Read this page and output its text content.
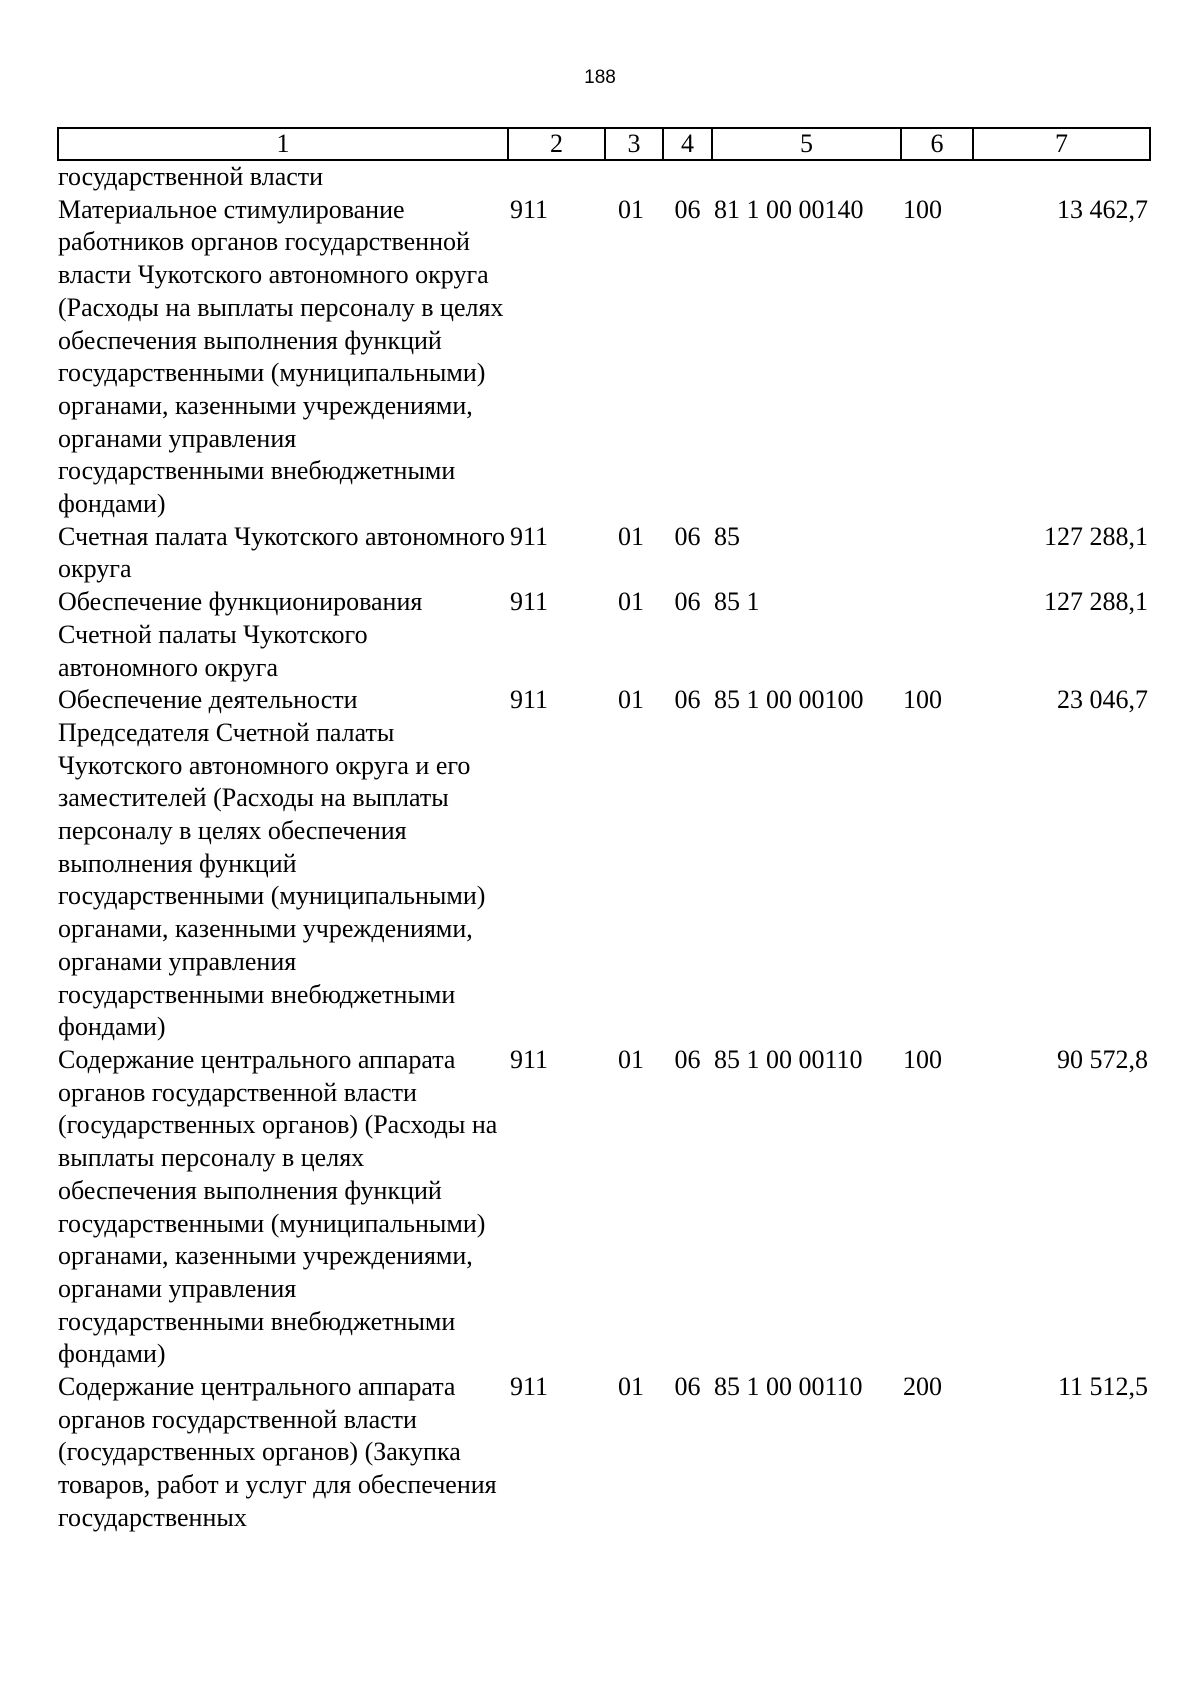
188
1	2	3	4	5	6	7
государственной власти						
Материальное стимулирование работников органов государственной власти Чукотского автономного округа (Расходы на выплаты персоналу в целях обеспечения выполнения функций государственными (муниципальными) органами, казенными учреждениями, органами управления государственными внебюджетными фондами)	911	01	06	81 1 00 00140	100	13 462,7
Счетная палата Чукотского автономного округа	911	01	06	85		127 288,1
Обеспечение функционирования Счетной палаты Чукотского автономного округа	911	01	06	85 1		127 288,1
Обеспечение деятельности Председателя Счетной палаты Чукотского автономного округа и его заместителей (Расходы на выплаты персоналу в целях обеспечения выполнения функций государственными (муниципальными) органами, казенными учреждениями, органами управления государственными внебюджетными фондами)	911	01	06	85 1 00 00100	100	23 046,7
Содержание центрального аппарата органов государственной власти (государственных органов) (Расходы на выплаты персоналу в целях обеспечения выполнения функций государственными (муниципальными) органами, казенными учреждениями, органами управления государственными внебюджетными фондами)	911	01	06	85 1 00 00110	100	90 572,8
Содержание центрального аппарата органов государственной власти (государственных органов) (Закупка товаров, работ и услуг для обеспечения государственных	911	01	06	85 1 00 00110	200	11 512,5
